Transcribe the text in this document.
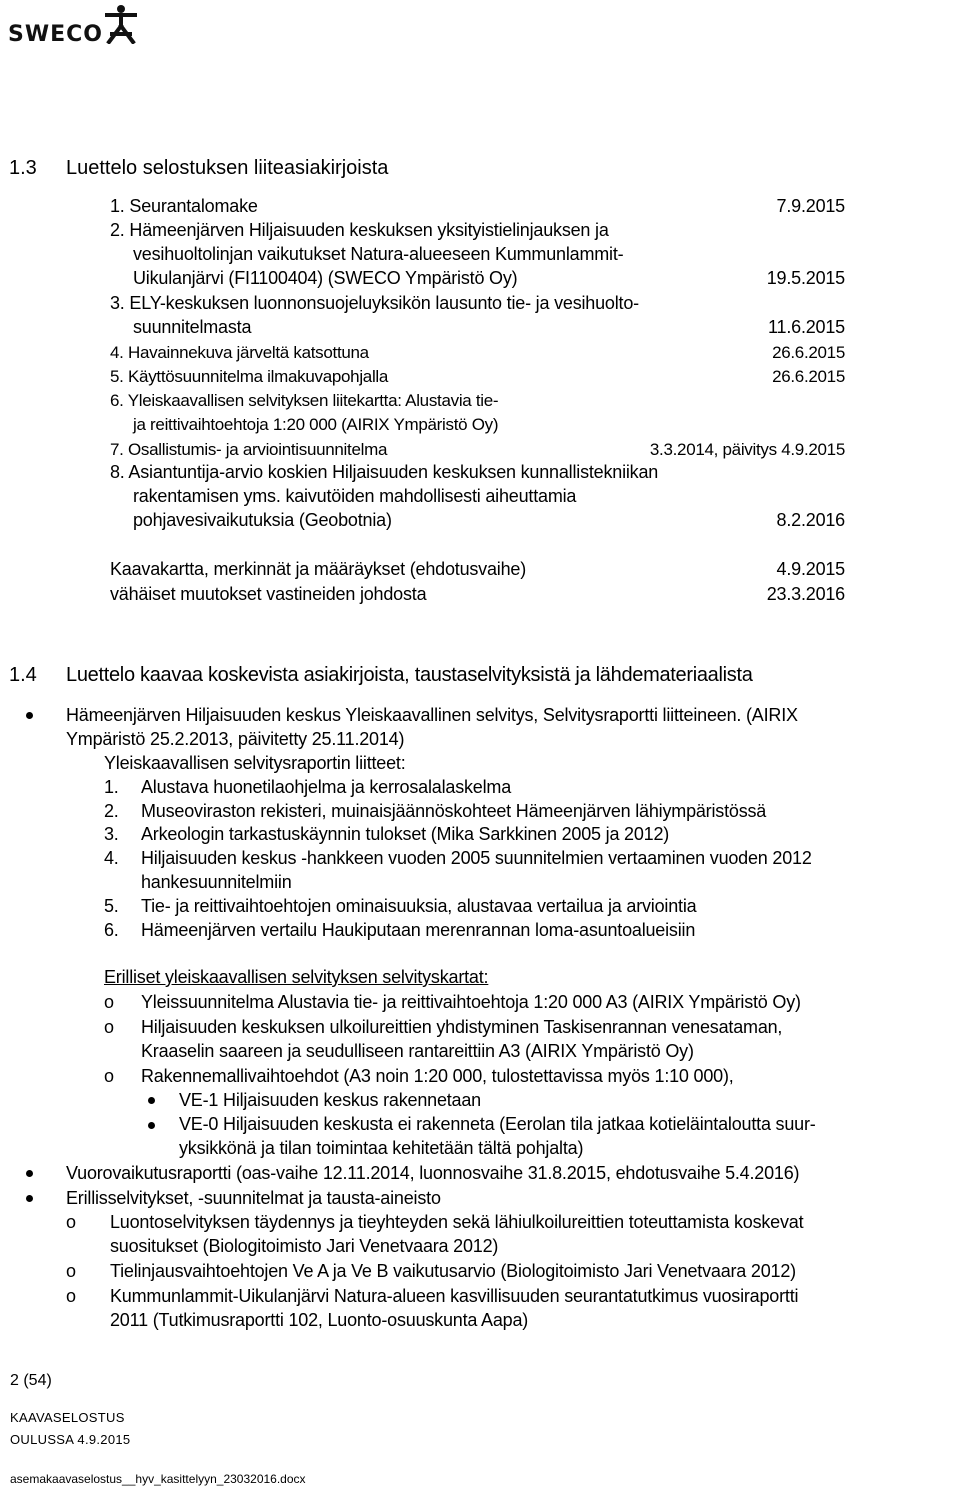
SWECO
1.3 Luettelo selostuksen liiteasiakirjoista
1. Seurantalomake	7.9.2015
2. Hämeenjärven Hiljaisuuden keskuksen yksityistielinjauksen ja
vesihuoltolinjan vaikutukset Natura-alueeseen Kummunlammit-
Uikulanjärvi (FI1100404) (SWECO Ympäristö Oy)	19.5.2015
3. ELY-keskuksen luonnonsuojeluyksikön lausunto tie- ja vesihuolto-
suunnitelmasta	11.6.2015
4. Havainnekuva järveltä katsottuna	26.6.2015
5. Käyttösuunnitelma ilmakuvapohjalla	26.6.2015
6. Yleiskaavallisen selvityksen liitekartta: Alustavia tie-
ja reittivaihtoehtoja 1:20 000 (AIRIX Ympäristö Oy)
7. Osallistumis- ja arviointisuunnitelma	3.3.2014, päivitys 4.9.2015
8. Asiantuntija-arvio koskien Hiljaisuuden keskuksen kunnallistekniikan
rakentamisen yms. kaivutöiden mahdollisesti aiheuttamia
pohjavesivaikutuksia (Geobotnia)	8.2.2016
Kaavakartta, merkinnät ja määräykset (ehdotusvaihe)	4.9.2015
vähäiset muutokset vastineiden johdosta	23.3.2016
1.4 Luettelo kaavaa koskevista asiakirjoista, taustaselvityksistä ja lähdemateriaalista
Hämeenjärven Hiljaisuuden keskus Yleiskaavallinen selvitys, Selvitysraportti liitteineen. (AIRIX
Ympäristö 25.2.2013, päivitetty 25.11.2014)
Yleiskaavallisen selvitysraportin liitteet:
1. Alustava huonetilaohjelma ja kerrosalalaskelma
2. Museoviraston rekisteri, muinaisjäännöskohteet Hämeenjärven lähiympäristössä
3. Arkeologin tarkastuskäynnin tulokset (Mika Sarkkinen 2005 ja 2012)
4. Hiljaisuuden keskus -hankkeen vuoden 2005 suunnitelmien vertaaminen vuoden 2012
hankesuunnitelmiin
5. Tie- ja reittivaihtoehtojen ominaisuuksia, alustavaa vertailua ja arviointia
6. Hämeenjärven vertailu Haukiputaan merenrannan loma-asuntoalueisiin
Erilliset yleiskaavallisen selvityksen selvityskartat:
o Yleissuunnitelma Alustavia tie- ja reittivaihtoehtoja 1:20 000 A3 (AIRIX Ympäristö Oy)
o Hiljaisuuden keskuksen ulkoilureittien yhdistyminen Taskisenrannan venesataman,
Kraaselin saareen ja seudulliseen rantareittiin A3 (AIRIX Ympäristö Oy)
o Rakennemallivaihtoehdot (A3 noin 1:20 000, tulostettavissa myös 1:10 000),
VE-1 Hiljaisuuden keskus rakennetaan
VE-0 Hiljaisuuden keskusta ei rakenneta (Eerolan tila jatkaa kotieläintaloutta suur-
yksikkönä ja tilan toimintaa kehitetään tältä pohjalta)
Vuorovaikutusraportti (oas-vaihe 12.11.2014, luonnosvaihe 31.8.2015, ehdotusvaihe 5.4.2016)
Erillisselvitykset, -suunnitelmat ja tausta-aineisto
o Luontoselvityksen täydennys ja tieyhteyden sekä lähiulkoilureittien toteuttamista koskevat
suositukset (Biologitoimisto Jari Venetvaara 2012)
o Tielinjausvaihtoehtojen Ve A ja Ve B vaikutusarvio (Biologitoimisto Jari Venetvaara 2012)
o Kummunlammit-Uikulanjärvi Natura-alueen kasvillisuuden seurantatutkimus vuosiraportti
2011 (Tutkimusraportti 102, Luonto-osuuskunta Aapa)
2 (54)
KAAVASELOSTUS
OULUSSA 4.9.2015
asemakaavaselostus__hyv_kasittelyyn_23032016.docx
